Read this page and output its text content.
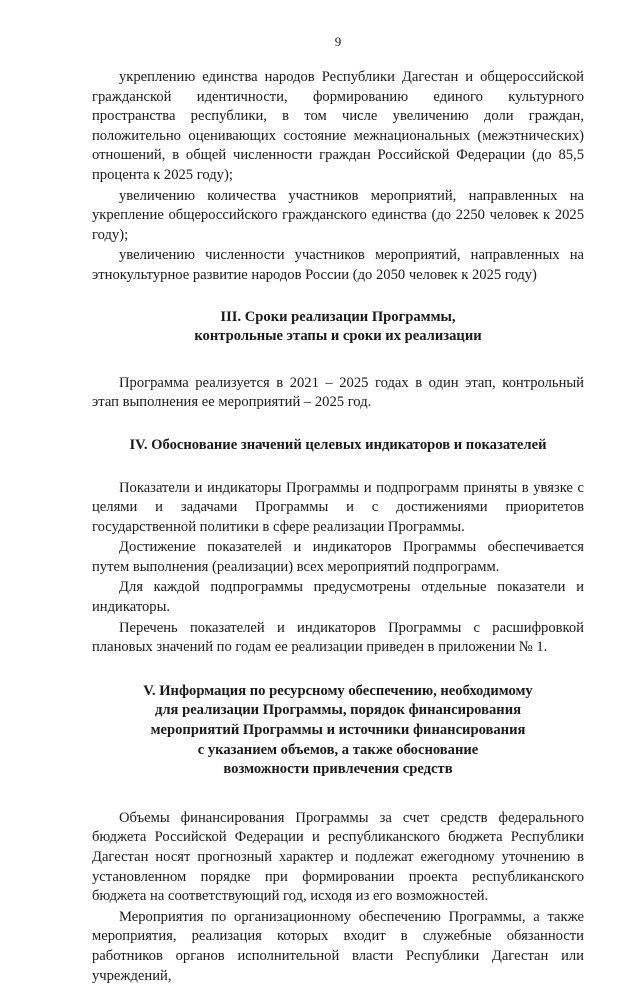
9

укреплению единства народов Республики Дагестан и общероссийской гражданской идентичности, формированию единого культурного пространства республики, в том числе увеличению доли граждан, положительно оценивающих состояние межнациональных (межэтнических) отношений, в общей численности граждан Российской Федерации (до 85,5 процента к 2025 году);

увеличению количества участников мероприятий, направленных на укрепление общероссийского гражданского единства (до 2250 человек к 2025 году);

увеличению численности участников мероприятий, направленных на этнокультурное развитие народов России (до 2050 человек к 2025 году)

III. Сроки реализации Программы,
контрольные этапы и сроки их реализации

Программа реализуется в 2021 – 2025 годах в один этап, контрольный этап выполнения ее мероприятий – 2025 год.

IV. Обоснование значений целевых индикаторов и показателей

Показатели и индикаторы Программы и подпрограмм приняты в увязке с целями и задачами Программы и с достижениями приоритетов государственной политики в сфере реализации Программы.

Достижение показателей и индикаторов Программы обеспечивается путем выполнения (реализации) всех мероприятий подпрограмм.

Для каждой подпрограммы предусмотрены отдельные показатели и индикаторы.

Перечень показателей и индикаторов Программы с расшифровкой плановых значений по годам ее реализации приведен в приложении № 1.

V. Информация по ресурсному обеспечению, необходимому
для реализации Программы, порядок финансирования
мероприятий Программы и источники финансирования
с указанием объемов, а также обоснование
возможности привлечения средств

Объемы финансирования Программы за счет средств федерального бюджета Российской Федерации и республиканского бюджета Республики Дагестан носят прогнозный характер и подлежат ежегодному уточнению в установленном порядке при формировании проекта республиканского бюджета на соответствующий год, исходя из его возможностей.

Мероприятия по организационному обеспечению Программы, а также мероприятия, реализация которых входит в служебные обязанности работников органов исполнительной власти Республики Дагестан или учреждений,
